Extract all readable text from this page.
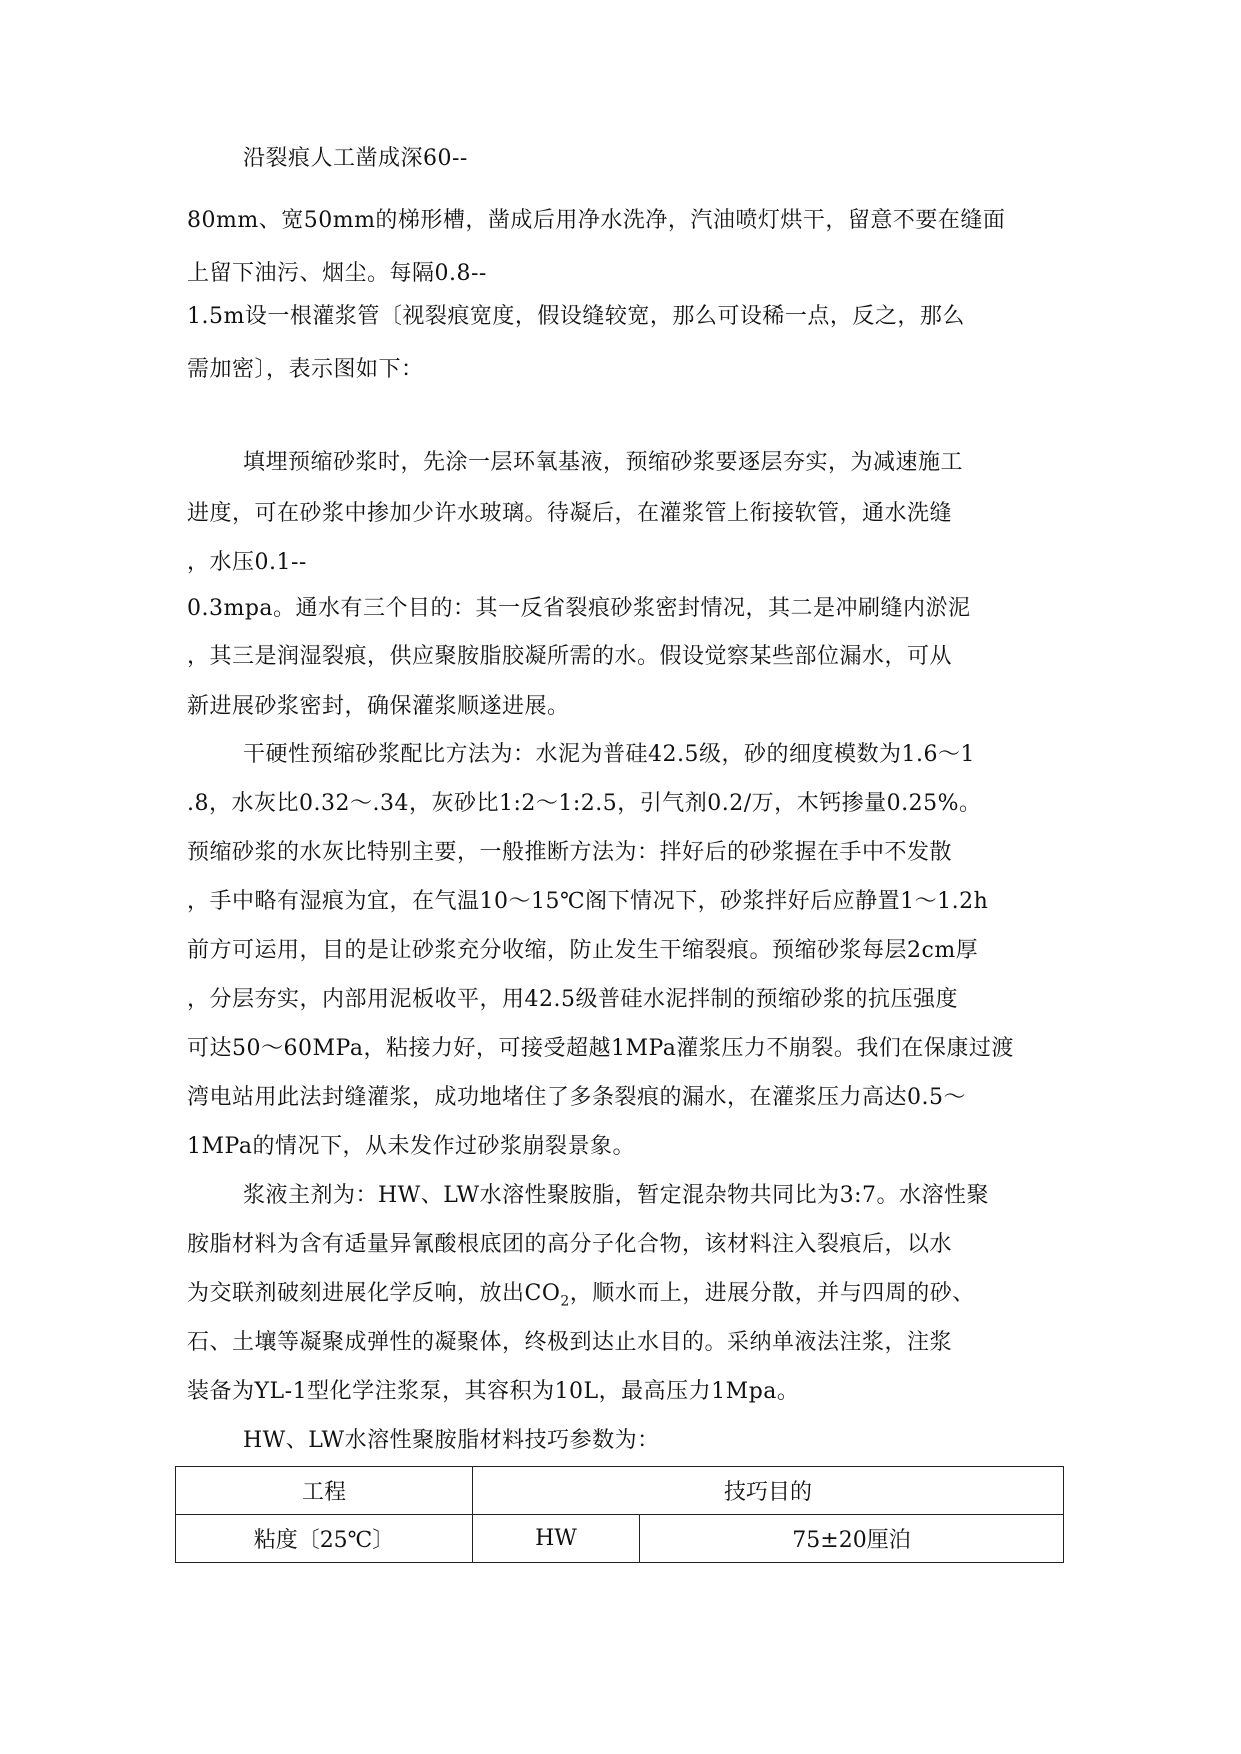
沿裂痕人工凿成深60--
80mm、宽50mm的梯形槽，凿成后用净水洗净，汽油喷灯烘干，留意不要在缝面
上留下油污、烟尘。每隔0.8--
1.5m设一根灌浆管〔视裂痕宽度，假设缝较宽，那么可设稀一点，反之，那么
需加密〕，表示图如下：
填埋预缩砂浆时，先涂一层环氧基液，预缩砂浆要逐层夯实，为减速施工
进度，可在砂浆中掺加少许水玻璃。待凝后，在灌浆管上衔接软管，通水洗缝
，水压0.1--
0.3mpa。通水有三个目的：其一反省裂痕砂浆密封情况，其二是冲刷缝内淤泥
，其三是润湿裂痕，供应聚胺脂胶凝所需的水。假设觉察某些部位漏水，可从
新进展砂浆密封，确保灌浆顺遂进展。
干硬性预缩砂浆配比方法为：水泥为普硅42.5级，砂的细度模数为1.6～1
.8，水灰比0.32～.34，灰砂比1:2～1:2.5，引气剂0.2/万，木钙掺量0.25%。
预缩砂浆的水灰比特别主要，一般推断方法为：拌好后的砂浆握在手中不发散
，手中略有湿痕为宜，在气温10～15℃阁下情况下，砂浆拌好后应静置1～1.2h
前方可运用，目的是让砂浆充分收缩，防止发生干缩裂痕。预缩砂浆每层2cm厚
，分层夯实，内部用泥板收平，用42.5级普硅水泥拌制的预缩砂浆的抗压强度
可达50～60MPa，粘接力好，可接受超越1MPa灌浆压力不崩裂。我们在保康过渡
湾电站用此法封缝灌浆，成功地堵住了多条裂痕的漏水，在灌浆压力高达0.5～
1MPa的情况下，从未发作过砂浆崩裂景象。
浆液主剂为：HW、LW水溶性聚胺脂，暂定混杂物共同比为3:7。水溶性聚
胺脂材料为含有适量异氰酸根底团的高分子化合物，该材料注入裂痕后，以水
为交联剂破刻进展化学反响，放出$CO_2$，顺水而上，进展分散，并与四周的砂、
石、土壤等凝聚成弹性的凝聚体，终极到达止水目的。采纳单液法注浆，注浆
装备为YL-1型化学注浆泵，其容积为10L，最高压力1Mpa。
HW、LW水溶性聚胺脂材料技巧参数为：
工程	技巧目的	
粘度〔25℃〕	HW	75±20厘泊
